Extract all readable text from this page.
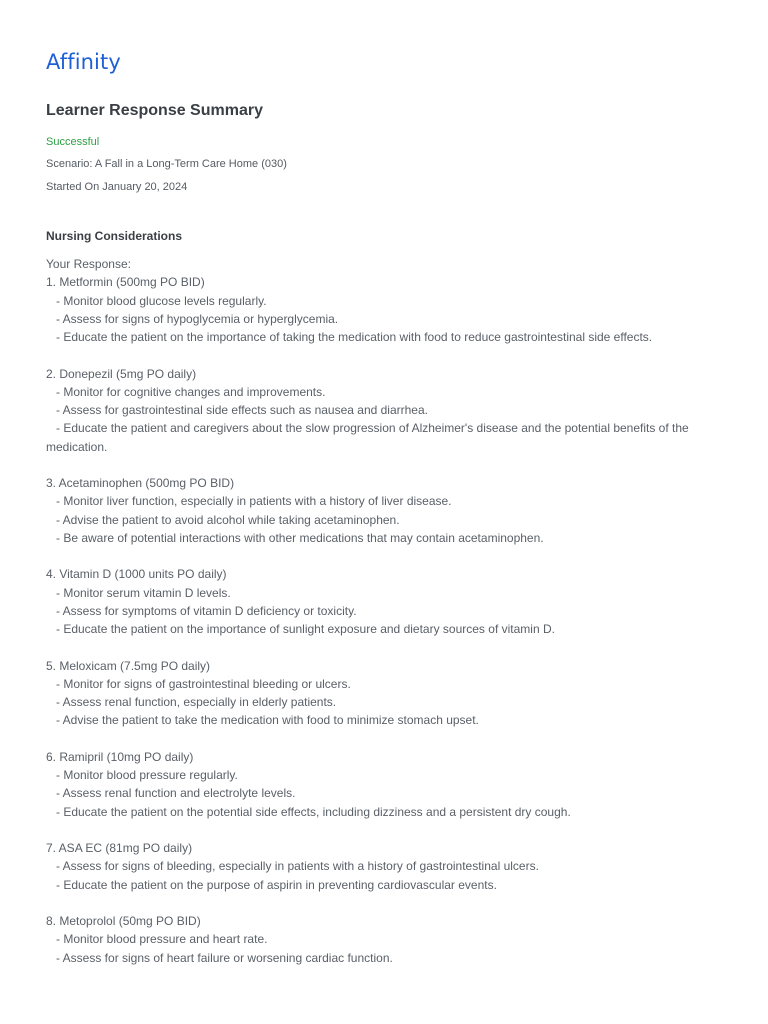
Affinity
Learner Response Summary
Successful
Scenario: A Fall in a Long-Term Care Home (030)
Started On January 20, 2024
Nursing Considerations
Your Response:
1. Metformin (500mg PO BID)
- Monitor blood glucose levels regularly.
- Assess for signs of hypoglycemia or hyperglycemia.
- Educate the patient on the importance of taking the medication with food to reduce gastrointestinal side effects.
2. Donepezil (5mg PO daily)
- Monitor for cognitive changes and improvements.
- Assess for gastrointestinal side effects such as nausea and diarrhea.
- Educate the patient and caregivers about the slow progression of Alzheimer's disease and the potential benefits of the medication.
3. Acetaminophen (500mg PO BID)
- Monitor liver function, especially in patients with a history of liver disease.
- Advise the patient to avoid alcohol while taking acetaminophen.
- Be aware of potential interactions with other medications that may contain acetaminophen.
4. Vitamin D (1000 units PO daily)
- Monitor serum vitamin D levels.
- Assess for symptoms of vitamin D deficiency or toxicity.
- Educate the patient on the importance of sunlight exposure and dietary sources of vitamin D.
5. Meloxicam (7.5mg PO daily)
- Monitor for signs of gastrointestinal bleeding or ulcers.
- Assess renal function, especially in elderly patients.
- Advise the patient to take the medication with food to minimize stomach upset.
6. Ramipril (10mg PO daily)
- Monitor blood pressure regularly.
- Assess renal function and electrolyte levels.
- Educate the patient on the potential side effects, including dizziness and a persistent dry cough.
7. ASA EC (81mg PO daily)
- Assess for signs of bleeding, especially in patients with a history of gastrointestinal ulcers.
- Educate the patient on the purpose of aspirin in preventing cardiovascular events.
8. Metoprolol (50mg PO BID)
- Monitor blood pressure and heart rate.
- Assess for signs of heart failure or worsening cardiac function.
